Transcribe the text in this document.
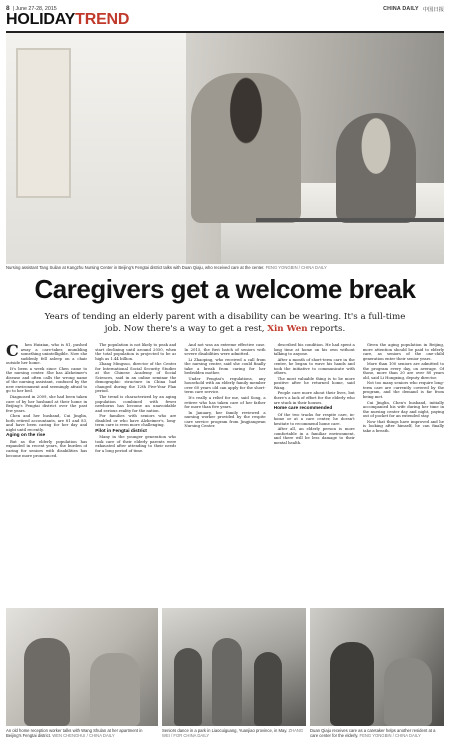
8 | June 27-28, 2015	CHINA DAILY 中国日报
HOLIDAYTREND
Nursing assistant Tang Suilan at Kangzhu Nursing Center in Beijing's Fengtai district talks with Duan Qiaju, who received care at the center. FENG YONGBIN / CHINA DAILY
Caregivers get a welcome break
Years of tending an elderly parent with a disability can be wearing. It's a full-time job. Now there's a way to get a rest, Xin Wen reports.
C	hen Huixian, who is 81, pushed away a care-taker, mumbling something unintelligible. Now she suddenly fell asleep on a chair outside her home.

It's been a week since Chen came to the nursing center. She has Alzheimer's disease and often calls the wrong name of the nursing assistant, confused by the new environment and seemingly afraid to go to her bed.

Diagnosed in 2009, she had been taken care of by her husband at their home in Beijing's Fengtai district over the past few years.

Chen and her husband, Cui Jinglin, both retired accountants, are 81 and 83, and have been caring for her day and night until recently.

Aging on the rise

But as the elderly population has expanded in recent years, the burden of caring for seniors with disabilities has become more pronounced.

The population is not likely to peak and start declining until around 2050, when the total population is projected to be as high as 1.44 billion.

Zhang Mingsuo, director of the Center for International Social Security Studies at the Chinese Academy of Social Sciences, said in an online seminar the demographic structure in China had changed during the 12th Five-Year Plan period.

The trend is characterized by an aging population combined with fewer newborns has become an unavoidable and serious reality for the nation.

For families with seniors who are disabled or who have Alzheimer's, long-term care is even more challenging.

Pilot in Fengtai district

Many in the younger generation who took care of their elderly parents were exhausted after attending to their needs for a long period of time.

And not was an extreme effective case. In 2015, the first batch of seniors with severe disabilities were admitted.

Li Zhaoping, who received a call from the nursing center, said she could finally take a break from caring for her bedridden mother.

Under Fengtai's regulations, any household with an elderly family member over 60 years old can apply for the short-term care service.

It's really a relief for me, said Song, a retiree who has taken care of her father for more than five years.

In January, her family reviewed a nursing worker provided by the respite care service program from Jingjiangwan Nursing Center.

described his condition. He had spent a long time at home on his own without talking to anyone.

After a month of short-term care in the center, he began to wave his hands and took the initiative to communicate with others.

The most valuable thing is to be more positive after he returned home, said Wang.

People care more about their lives, but there's a lack of effort for the elderly who are stuck in their houses.

Home care recommended

Of the two tracks for respite care, in-home or at a care center, he doesn't hesitate to recommend home care.

After all, an elderly person is more comfortable in a familiar environment, and there will be less damage to their mental health.

Given the aging population in Beijing, more attention should be paid to elderly care, as seniors of the one-child generation enter their senior years.

More than 100 seniors are admitted to the program every day, on average. Of those, more than 20 are over 80 years old, said Li Hongxing, deputy director.

Not too many seniors who require long-term care are currently covered by the program, and the demand is far from being met.

Cui Jinglin, Chen's husband, initially accompanied his wife during her time in the nursing center day and night, paying out of pocket for an extended stay.

Now that things have improved and he is looking after himself, he can finally take a breath.

An old home reception worker talks with Wang Shulan at her apartment in Beijing's Fengtai district. WEN CHENGHUI / CHINA DAILY
Seniors dance in a park in Liaocuiguang, Yuanjiao province, in May. ZHANG WEI / FOR CHINA DAILY
Duan Qiaju receives care as a caretaker helps another resident at a care center for the elderly. FENG YONGBIN / CHINA DAILY
